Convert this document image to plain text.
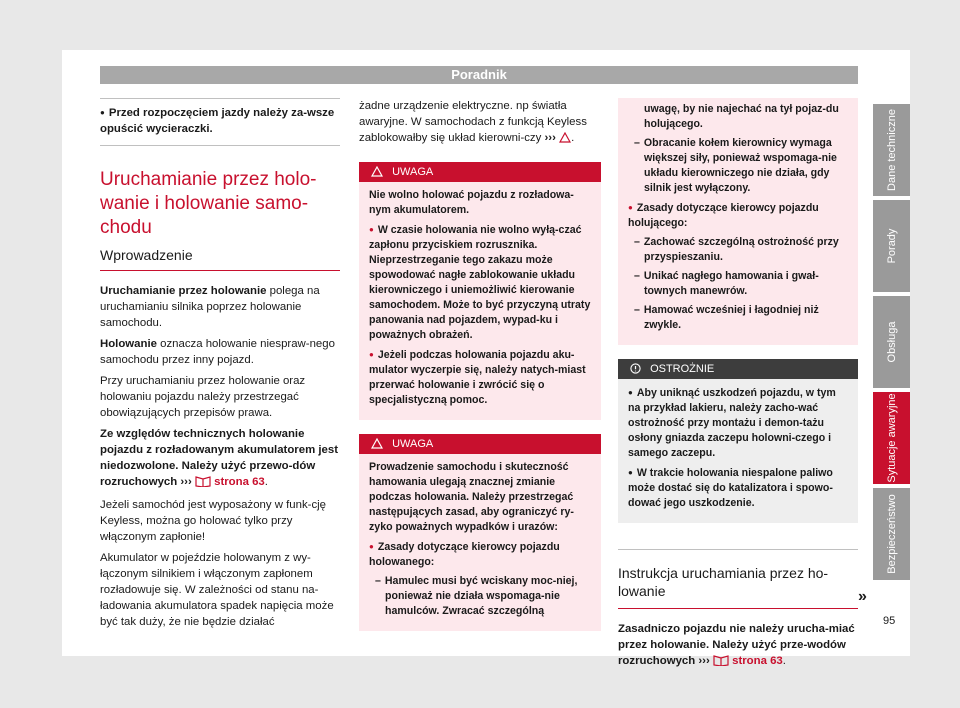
Poradnik
● Przed rozpoczęciem jazdy należy za-wsze opuścić wycieraczki.
Uruchamianie przez holo-wanie i holowanie samo-chodu
Wprowadzenie

Uruchamianie przez holowanie polega na uruchamianiu silnika poprzez holowanie samochodu.

Holowanie oznacza holowanie niespraw-nego samochodu przez inny pojazd.

Przy uruchamianiu przez holowanie oraz holowaniu pojazdu należy przestrzegać obowiązujących przepisów prawa.

Ze względów technicznych holowanie pojazdu z rozładowanym akumulatorem jest niedozwolone. Należy użyć przewo-dów rozruchowych ››› strona 63.

Jeżeli samochód jest wyposażony w funk-cję Keyless, można go holować tylko przy włączonym zapłonie!

Akumulator w pojeździe holowanym z wy-łączonym silnikiem i włączonym zapłonem rozładowuje się. W zależności od stanu na-ładowania akumulatora spadek napięcia może być tak duży, że nie będzie działać

żadne urządzenie elektryczne. np światła awaryjne. W samochodach z funkcją Keyless zablokowałby się układ kierowni-czy ››› .

UWAGA

Nie wolno holować pojazdu z rozładowa-nym akumulatorem.

● W czasie holowania nie wolno wyłą-czać zapłonu przyciskiem rozrusznika. Nieprzestrzeganie tego zakazu może spowodować nagłe zablokowanie układu kierowniczego i uniemożliwić kierowanie samochodem. Może to być przyczyną utraty panowania nad pojazdem, wypad-ku i poważnych obrażeń.

● Jeżeli podczas holowania pojazdu aku-mulator wyczerpie się, należy natych-miast przerwać holowanie i zwrócić się o specjalistyczną pomoc.

UWAGA

Prowadzenie samochodu i skuteczność hamowania ulegają znacznej zmianie podczas holowania. Należy przestrzegać następujących zasad, aby ograniczyć ry-zyko poważnych wypadków i urazów:

● Zasady dotyczące kierowcy pojazdu holowanego:

– Hamulec musi być wciskany moc-niej, ponieważ nie działa wspomaga-nie hamulców. Zwracać szczególną

uwagę, by nie najechać na tył pojaz-du holującego.

– Obracanie kołem kierownicy wymaga większej siły, ponieważ wspomaga-nie układu kierowniczego nie działa, gdy silnik jest wyłączony.

● Zasady dotyczące kierowcy pojazdu holującego:

– Zachować szczególną ostrożność przy przyspieszaniu.

– Unikać nagłego hamowania i gwał-townych manewrów.

– Hamować wcześniej i łagodniej niż zwykle.

OSTROŻNIE

● Aby uniknąć uszkodzeń pojazdu, w tym na przykład lakieru, należy zacho-wać ostrożność przy montażu i demon-tażu osłony gniazda zaczepu holowni-czego i samego zaczepu.

● W trakcie holowania niespalone paliwo może dostać się do katalizatora i spowo-dować jego uszkodzenie.

Instrukcja uruchamiania przez ho-lowanie

Zasadniczo pojazdu nie należy urucha-miać przez holowanie. Należy użyć prze-wodów rozruchowych ››› strona 63.

»
Dane techniczne
Porady
Obsługa
Sytuacje awaryjne
Bezpieczeństwo
95
